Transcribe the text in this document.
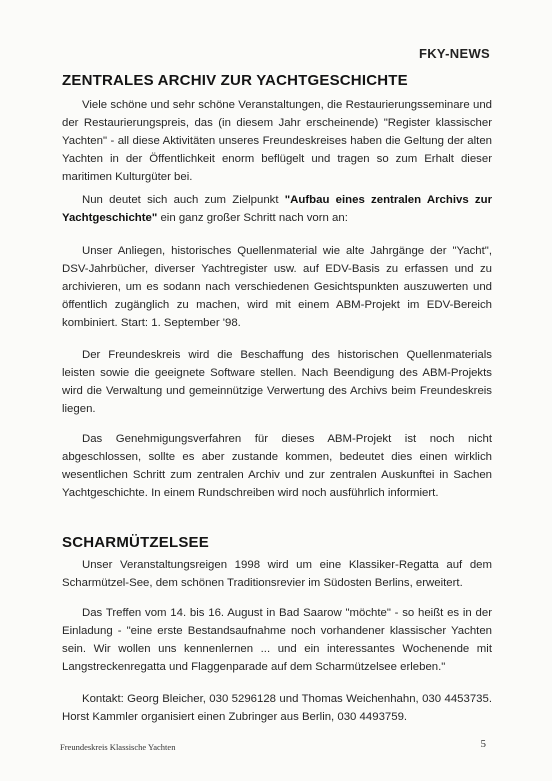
FKY-NEWS
ZENTRALES ARCHIV ZUR YACHTGESCHICHTE

Viele schöne und sehr schöne Veranstaltungen, die Restaurierungsseminare und der Restaurierungspreis, das (in diesem Jahr erscheinende) "Register klassischer Yachten" - all diese Aktivitäten unseres Freundeskreises haben die Geltung der alten Yachten in der Öffentlichkeit enorm beflügelt und tragen so zum Erhalt dieser maritimen Kulturgüter bei.

Nun deutet sich auch zum Zielpunkt "Aufbau eines zentralen Archivs zur Yachtgeschichte" ein ganz großer Schritt nach vorn an:

Unser Anliegen, historisches Quellenmaterial wie alte Jahrgänge der "Yacht", DSV-Jahrbücher, diverser Yachtregister usw. auf EDV-Basis zu erfassen und zu archivieren, um es sodann nach verschiedenen Gesichtspunkten auszuwerten und öffentlich zugänglich zu machen, wird mit einem ABM-Projekt im EDV-Bereich kombiniert. Start: 1. September '98.

Der Freundeskreis wird die Beschaffung des historischen Quellenmaterials leisten sowie die geeignete Software stellen. Nach Beendigung des ABM-Projekts wird die Verwaltung und gemeinnützige Verwertung des Archivs beim Freundeskreis liegen.

Das Genehmigungsverfahren für dieses ABM-Projekt ist noch nicht abgeschlossen, sollte es aber zustande kommen, bedeutet dies einen wirklich wesentlichen Schritt zum zentralen Archiv und zur zentralen Auskunftei in Sachen Yachtgeschichte. In einem Rundschreiben wird noch ausführlich informiert.

SCHARMÜTZELSEE

Unser Veranstaltungsreigen 1998 wird um eine Klassiker-Regatta auf dem Scharmützel-See, dem schönen Traditionsrevier im Südosten Berlins, erweitert.

Das Treffen vom 14. bis 16. August in Bad Saarow "möchte" - so heißt es in der Einladung - "eine erste Bestandsaufnahme noch vorhandener klassischer Yachten sein. Wir wollen uns kennenlernen ... und ein interessantes Wochenende mit Langstreckenregatta und Flaggenparade auf dem Scharmützelsee erleben."

Kontakt: Georg Bleicher, 030 5296128 und Thomas Weichenhahn, 030 4453735. Horst Kammler organisiert einen Zubringer aus Berlin, 030 4493759.

Freundeskreis Klassische Yachten	5
